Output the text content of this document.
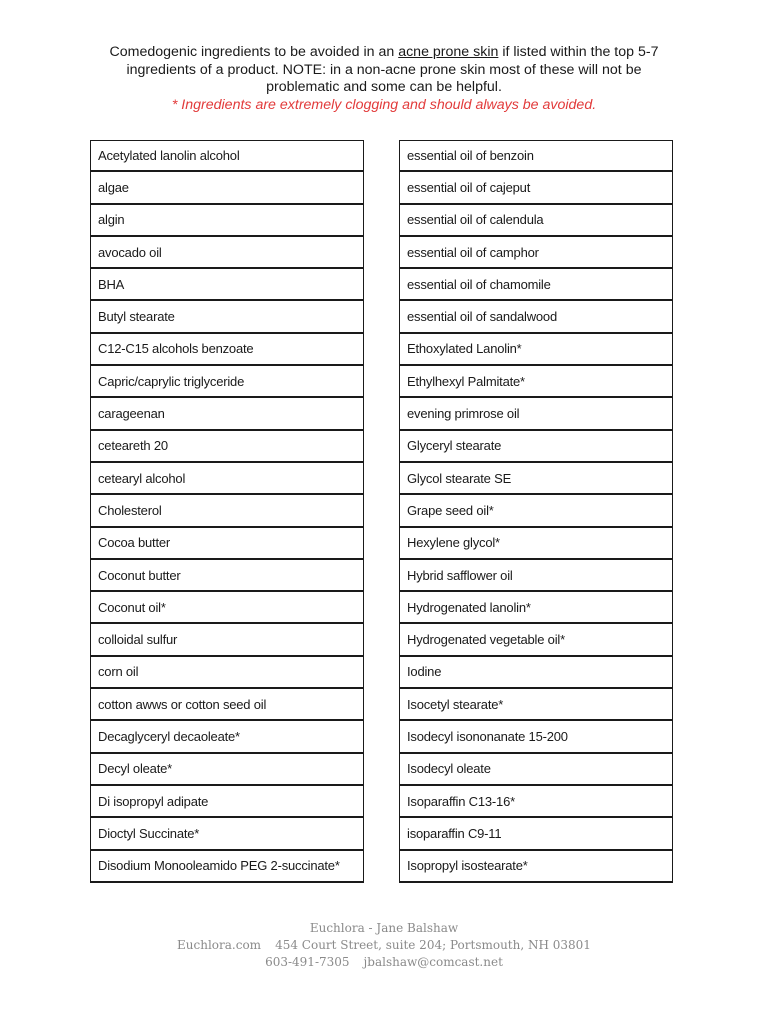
Comedogenic ingredients to be avoided in an acne prone skin if listed within the top 5-7
ingredients of a product. NOTE: in a non-acne prone skin most of these will not be
problematic and some can be helpful.
* Ingredients are extremely clogging and should always be avoided.
Acetylated lanolin alcohol
algae
algin
avocado oil
BHA
Butyl stearate
C12-C15 alcohols benzoate
Capric/caprylic triglyceride
carageenan
ceteareth 20
cetearyl alcohol
Cholesterol
Cocoa butter
Coconut butter
Coconut oil*
colloidal sulfur
corn oil
cotton awws or cotton seed oil
Decaglyceryl decaoleate*
Decyl oleate*
Di isopropyl adipate
Dioctyl Succinate*
Disodium Monooleamido PEG 2-succinate*
essential oil of benzoin
essential oil of cajeput
essential oil of calendula
essential oil of camphor
essential oil of chamomile
essential oil of sandalwood
Ethoxylated Lanolin*
Ethylhexyl Palmitate*
evening primrose oil
Glyceryl stearate
Glycol stearate SE
Grape seed oil*
Hexylene glycol*
Hybrid safflower oil
Hydrogenated lanolin*
Hydrogenated vegetable oil*
Iodine
Isocetyl stearate*
Isodecyl isononanate 15-200
Isodecyl oleate
Isoparaffin C13-16*
isoparaffin C9-11
Isopropyl isostearate*
Euchlora - Jane Balshaw
Euchlora.com 454 Court Street, suite 204; Portsmouth, NH 03801
603-491-7305 jbalshaw@comcast.net
